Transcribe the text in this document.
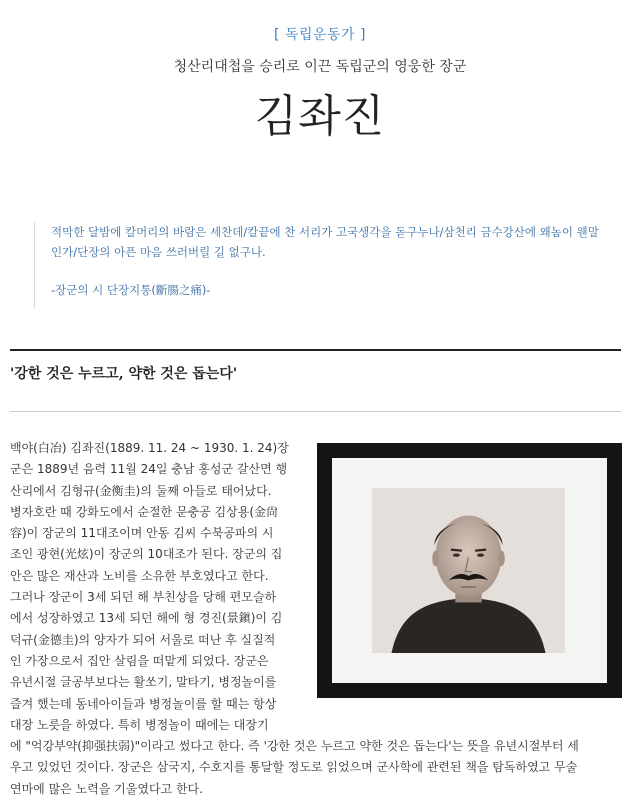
[ 독립운동가 ]
청산리대첩을 승리로 이끈 독립군의 영웅한 장군
김좌진
적막한 달밤에 칼머리의 바람은 세찬데/칼끝에 찬 서리가 고국생각을 돋구누나/삼천리 금수강산에 왜놈이 웬말
인가/단장의 아픈 마음 쓰러버릴 길 없구나.
-장군의 시 단장지통(斷腸之痛)-
'강한 것은 누르고, 약한 것은 돕는다'
백야(白冶) 김좌진(1889. 11. 24 ~ 1930. 1. 24)장
군은 1889년 음력 11월 24일 충남 홍성군 갈산면 행
산리에서 김형규(金衡圭)의 둘째 아들로 태어났다.
병자호란 때 강화도에서 순절한 문충공 김상용(金尙
容)이 장군의 11대조이며 안동 김씨 수북공파의 시
조인 광현(光炫)이 장군의 10대조가 된다. 장군의 집
안은 많은 재산과 노비를 소유한 부호였다고 한다.
그러나 장군이 3세 되던 해 부친상을 당해 편모슬하
에서 성장하였고 13세 되던 해에 형 경진(景鎭)이 김
덕규(金德圭)의 양자가 되어 서울로 떠난 후 실질적
인 가장으로서 집안 살림을 떠맡게 되었다. 장군은
유년시절 글공부보다는 활쏘기, 말타기, 병정놀이를
즐겨 했는데 동네아이들과 병정놀이를 할 때는 항상
대장 노릇을 하였다. 특히 병정놀이 때에는 대장기
에 "억강부약(抑强扶弱)"이라고 썼다고 한다. 즉 '강한 것은 누르고 약한 것은 돕는다'는 뜻을 유년시절부터 세
우고 있었던 것이다. 장군은 삼국지, 수호지를 통달할 정도로 읽었으며 군사학에 관련된 책을 탐독하였고 무술
연마에 많은 노력을 기울였다고 한다.
